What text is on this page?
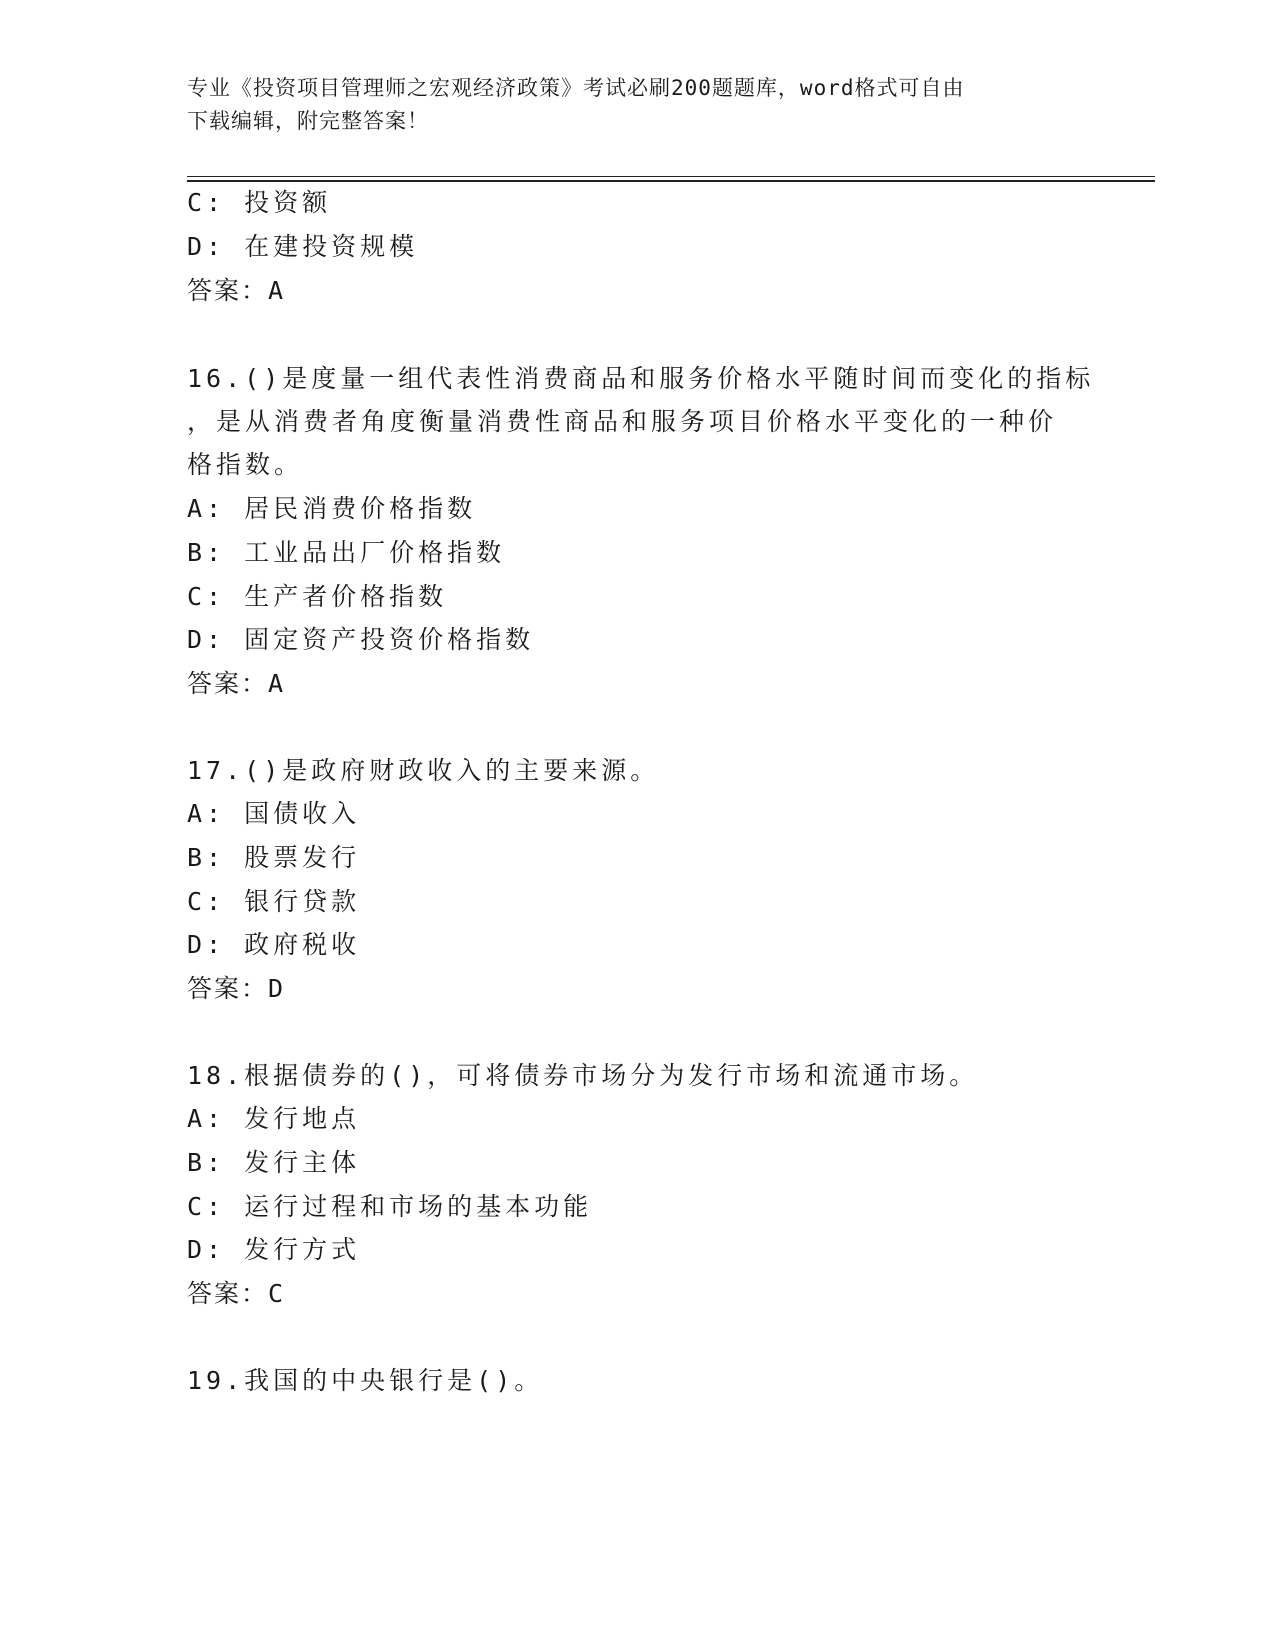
专业《投资项目管理师之宏观经济政策》考试必刷200题题库，word格式可自由
下载编辑，附完整答案！
C: 投资额
D: 在建投资规模
答案：A
16.()是度量一组代表性消费商品和服务价格水平随时间而变化的指标
，是从消费者角度衡量消费性商品和服务项目价格水平变化的一种价
格指数。
A: 居民消费价格指数
B: 工业品出厂价格指数
C: 生产者价格指数
D: 固定资产投资价格指数
答案：A
17.()是政府财政收入的主要来源。
A: 国债收入
B: 股票发行
C: 银行贷款
D: 政府税收
答案：D
18.根据债券的()，可将债券市场分为发行市场和流通市场。
A: 发行地点
B: 发行主体
C: 运行过程和市场的基本功能
D: 发行方式
答案：C
19.我国的中央银行是()。
